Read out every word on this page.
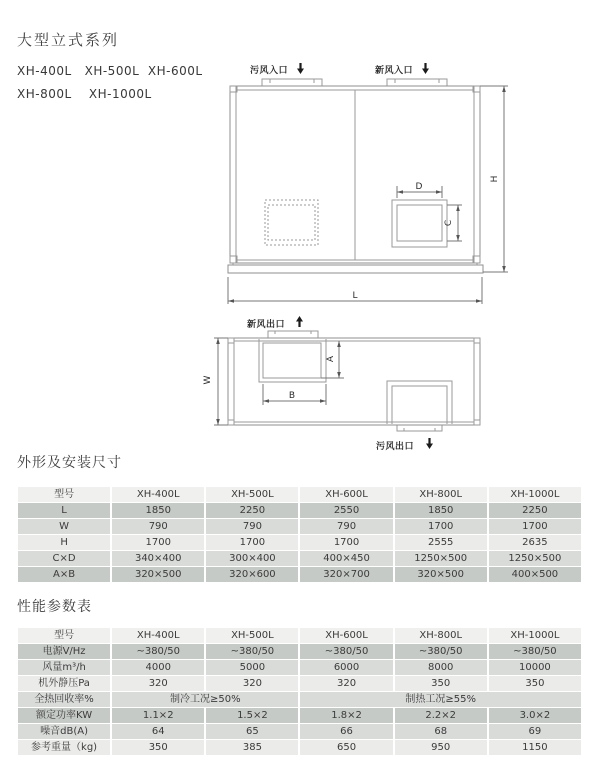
大型立式系列
XH-400L   XH-500L  XH-600L
XH-800L    XH-1000L
污风入口	新风入口
D
C
H
L
新风出口
污风出口
A
B
W
外形及安装尺寸
型号	XH-400L	XH-500L	XH-600L	XH-800L	XH-1000L
L	1850	2250	2550	1850	2250
W	790	790	790	1700	1700
H	1700	1700	1700	2555	2635
C×D	340×400	300×400	400×450	1250×500	1250×500
A×B	320×500	320×600	320×700	320×500	400×500
性能参数表
型号	XH-400L	XH-500L	XH-600L	XH-800L	XH-1000L
电源V/Hz	~380/50	~380/50	~380/50	~380/50	~380/50
风量m³/h	4000	5000	6000	8000	10000
机外静压Pa	320	320	320	350	350
全热回收率%	制冷工况≥50%		制热工况≥55%		
额定功率KW	1.1×2	1.5×2	1.8×2	2.2×2	3.0×2
噪音dB(A)	64	65	66	68	69
参考重量（kg)	350	385	650	950	1150
